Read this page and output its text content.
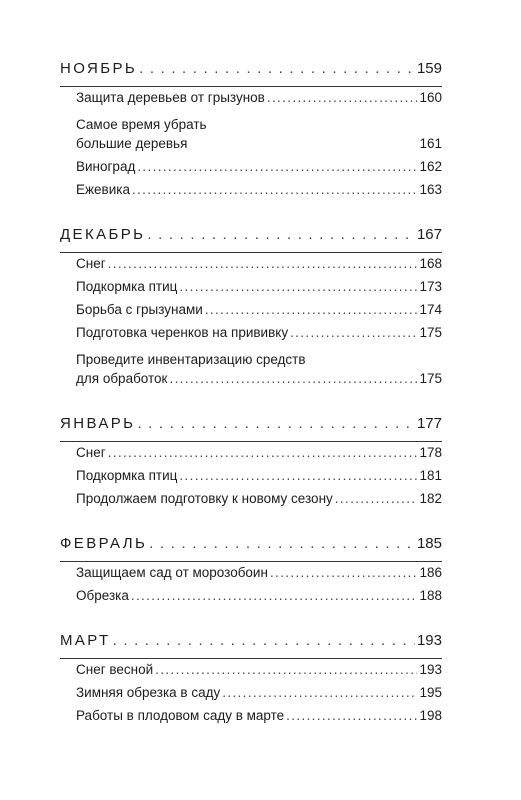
НОЯБРЬ . . .	159
Защита деревьев от грызунов . . .	160
Самое время убрать
большие деревья	161
Виноград . . .	162
Ежевика . . .	163
ДЕКАБРЬ . . .	167
Снег . . .	168
Подкормка птиц . . .	173
Борьба с грызунами . . .	174
Подготовка черенков на прививку . . .	175
Проведите инвентаризацию средств
для обработок . . .	175
ЯНВАРЬ . . .	177
Снег . . .	178
Подкормка птиц . . .	181
Продолжаем подготовку к новому сезону . . .	182
ФЕВРАЛЬ . . .	185
Защищаем сад от морозобоин . . .	186
Обрезка . . .	188
МАРТ . . .	193
Снег весной . . .	193
Зимняя обрезка в саду . . .	195
Работы в плодовом саду в марте . . .	198
